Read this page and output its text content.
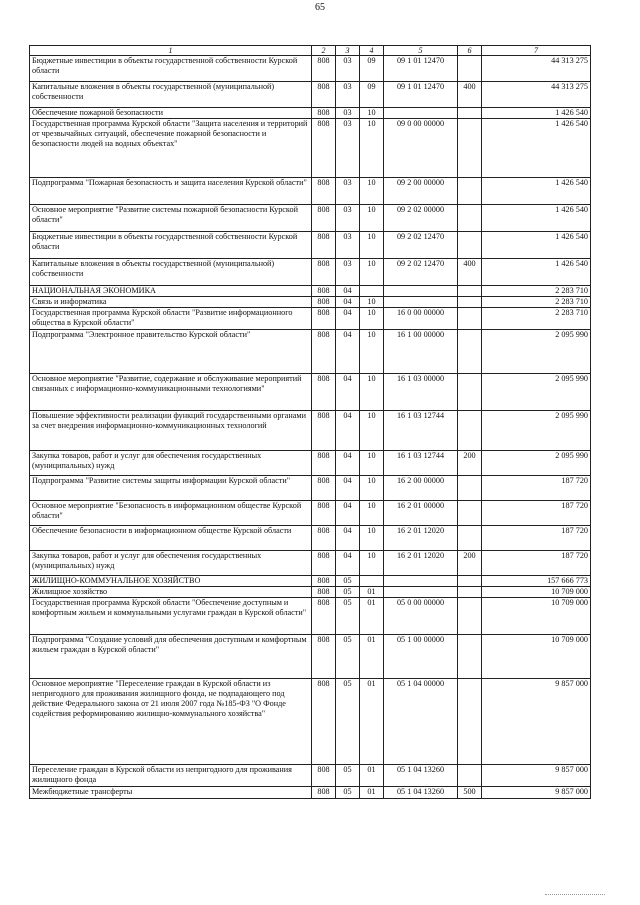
65
1	2	3	4	5	6	7
Бюджетные инвестиции в объекты государственной собственности Курской области	808	03	09	09 1 01 12470		44 313 275
Капитальные вложения в объекты государственной (муниципальной) собственности	808	03	09	09 1 01 12470	400	44 313 275
Обеспечение пожарной безопасности	808	03	10			1 426 540
Государственная программа Курской области "Защита населения и территорий от чрезвычайных ситуаций, обеспечение пожарной безопасности и безопасности людей на водных объектах"	808	03	10	09 0 00 00000		1 426 540
Подпрограмма "Пожарная безопасность и защита населения Курской области"	808	03	10	09 2 00 00000		1 426 540
Основное мероприятие "Развитие системы пожарной безопасности Курской области"	808	03	10	09 2 02 00000		1 426 540
Бюджетные инвестиции в объекты государственной собственности Курской области	808	03	10	09 2 02 12470		1 426 540
Капитальные вложения в объекты государственной (муниципальной) собственности	808	03	10	09 2 02 12470	400	1 426 540
НАЦИОНАЛЬНАЯ ЭКОНОМИКА	808	04				2 283 710
Связь и информатика	808	04	10			2 283 710
Государственная программа Курской области "Развитие информационного общества в Курской области"	808	04	10	16 0 00 00000		2 283 710
Подпрограмма "Электронное правительство Курской области"	808	04	10	16 1 00 00000		2 095 990
Основное мероприятие "Развитие, содержание и обслуживание мероприятий связанных с информационно-коммуникационными технологиями"	808	04	10	16 1 03 00000		2 095 990
Повышение эффективности реализации функций государственными органами за счет внедрения информационно-коммуникационных технологий	808	04	10	16 1 03 12744		2 095 990
Закупка товаров, работ и услуг для обеспечения государственных (муниципальных) нужд	808	04	10	16 1 03 12744	200	2 095 990
Подпрограмма "Развитие системы защиты информации Курской области"	808	04	10	16 2 00 00000		187 720
Основное мероприятие "Безопасность в информационном обществе Курской области"	808	04	10	16 2 01 00000		187 720
Обеспечение безопасности в информационном обществе Курской области	808	04	10	16 2 01 12020		187 720
Закупка товаров, работ и услуг для обеспечения государственных (муниципальных) нужд	808	04	10	16 2 01 12020	200	187 720
ЖИЛИЩНО-КОММУНАЛЬНОЕ ХОЗЯЙСТВО	808	05				157 666 773
Жилищное хозяйство	808	05	01			10 709 000
Государственная программа Курской области "Обеспечение доступным и комфортным жильем и коммунальными услугами граждан в Курской области"	808	05	01	05 0 00 00000		10 709 000
Подпрограмма "Создание условий для обеспечения доступным и комфортным жильем граждан в Курской области"	808	05	01	05 1 00 00000		10 709 000
Основное мероприятие "Переселение граждан в Курской области из непригодного для проживания жилищного фонда, не подпадающего под действие Федерального закона от 21 июля 2007 года №185-ФЗ "О Фонде содействия реформированию жилищно-коммунального хозяйства"	808	05	01	05 1 04 00000		9 857 000
Переселение граждан в Курской области из непригодного для проживания жилищного фонда	808	05	01	05 1 04 13260		9 857 000
Межбюджетные трансферты	808	05	01	05 1 04 13260	500	9 857 000
